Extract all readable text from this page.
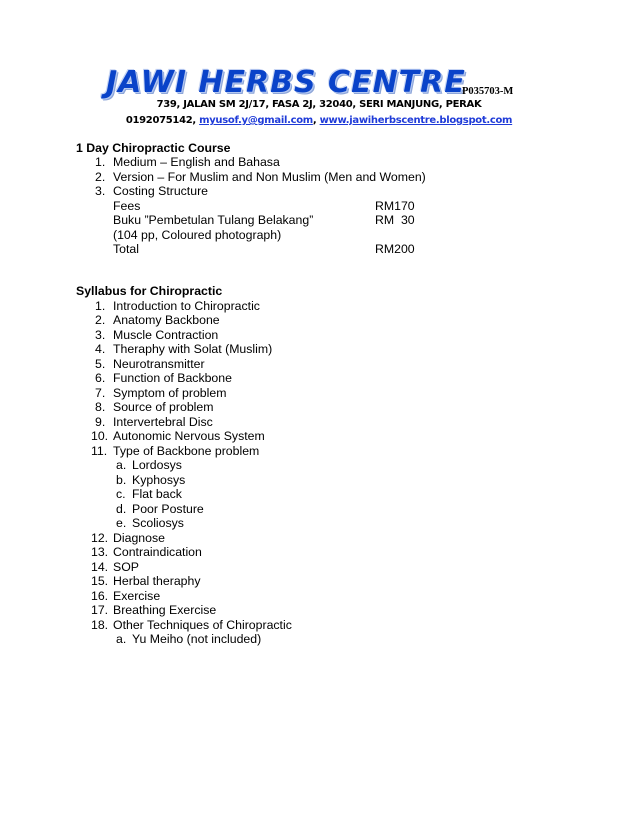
JAWI HERBS CENTRE
P035703-M
739, JALAN SM 2J/17, FASA 2J, 32040, SERI MANJUNG, PERAK
0192075142, myusof.y@gmail.com, www.jawiherbscentre.blogspot.com
1 Day Chiropractic Course
1. Medium – English and Bahasa
2. Version – For Muslim and Non Muslim (Men and Women)
3. Costing Structure
Fees	RM170
Buku ”Pembetulan Tulang Belakang”	RM  30
(104 pp, Coloured photograph)
Total	RM200
Syllabus for Chiropractic
1. Introduction to Chiropractic
2. Anatomy Backbone
3. Muscle Contraction
4. Theraphy with Solat (Muslim)
5. Neurotransmitter
6. Function of Backbone
7. Symptom of problem
8. Source of problem
9. Intervertebral Disc
10. Autonomic Nervous System
11. Type of Backbone problem
a. Lordosys
b. Kyphosys
c. Flat back
d. Poor Posture
e. Scoliosys
12. Diagnose
13. Contraindication
14. SOP
15. Herbal theraphy
16. Exercise
17. Breathing Exercise
18. Other Techniques of Chiropractic
a. Yu Meiho (not included)
